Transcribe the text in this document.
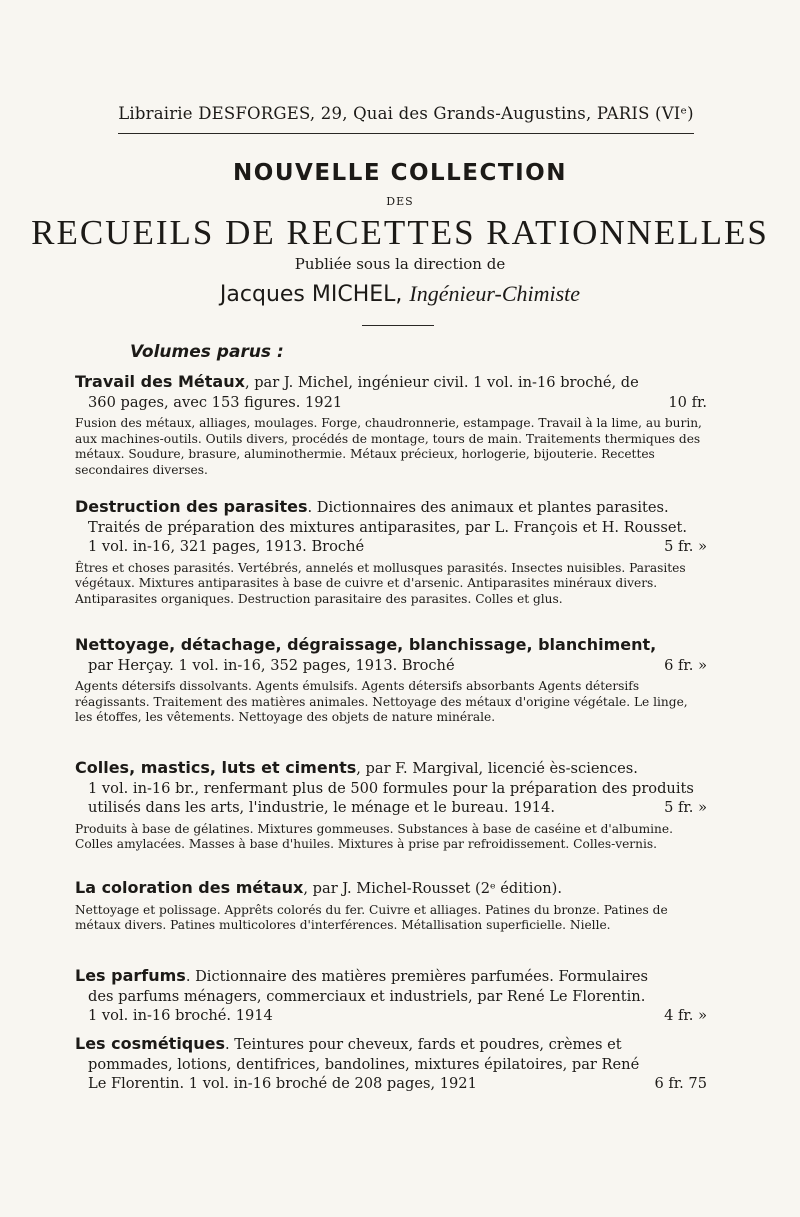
Librairie DESFORGES, 29, Quai des Grands-Augustins, PARIS (VIᵉ)
NOUVELLE COLLECTION
DES
RECUEILS DE RECETTES RATIONNELLES
Publiée sous la direction de
Jacques MICHEL, Ingénieur-Chimiste
Volumes parus :
Travail des Métaux, par J. Michel, ingénieur civil. 1 vol. in-16 broché, de
360 pages, avec 153 figures. 1921	10 fr.
Fusion des métaux, alliages, moulages. Forge, chaudronnerie, estampage. Travail à la lime, au burin, aux machines-outils. Outils divers, procédés de montage, tours de main. Traitements thermiques des métaux. Soudure, brasure, aluminothermie. Métaux précieux, horlogerie, bijouterie. Recettes secondaires diverses.
Destruction des parasites. Dictionnaires des animaux et plantes parasites.
Traités de préparation des mixtures antiparasites, par L. François et H. Rousset.
1 vol. in-16, 321 pages, 1913. Broché	5 fr. »
Êtres et choses parasités. Vertébrés, annelés et mollusques parasités. Insectes nuisibles. Parasites végétaux. Mixtures antiparasites à base de cuivre et d'arsenic. Antiparasites minéraux divers. Antiparasites organiques. Destruction parasitaire des parasites. Colles et glus.
Nettoyage, détachage, dégraissage, blanchissage, blanchiment,
par Herçay. 1 vol. in-16, 352 pages, 1913. Broché	6 fr. »
Agents détersifs dissolvants. Agents émulsifs. Agents détersifs absorbants Agents détersifs réagissants. Traitement des matières animales. Nettoyage des métaux d'origine végétale. Le linge, les étoffes, les vêtements. Nettoyage des objets de nature minérale.
Colles, mastics, luts et ciments, par F. Margival, licencié ès-sciences.
1 vol. in-16 br., renfermant plus de 500 formules pour la préparation des produits utilisés dans les arts, l'industrie, le ménage et le bureau. 1914.	5 fr. »
Produits à base de gélatines. Mixtures gommeuses. Substances à base de caséine et d'albumine. Colles amylacées. Masses à base d'huiles. Mixtures à prise par refroidissement. Colles-vernis.
La coloration des métaux, par J. Michel-Rousset (2ᵉ édition).
Nettoyage et polissage. Apprêts colorés du fer. Cuivre et alliages. Patines du bronze. Patines de métaux divers. Patines multicolores d'interférences. Métallisation superficielle. Nielle.
Les parfums. Dictionnaire des matières premières parfumées. Formulaires
des parfums ménagers, commerciaux et industriels, par René Le Florentin.
1 vol. in-16 broché. 1914	4 fr. »
Les cosmétiques. Teintures pour cheveux, fards et poudres, crèmes et
pommades, lotions, dentifrices, bandolines, mixtures épilatoires, par René
Le Florentin. 1 vol. in-16 broché de 208 pages, 1921	6 fr. 75
